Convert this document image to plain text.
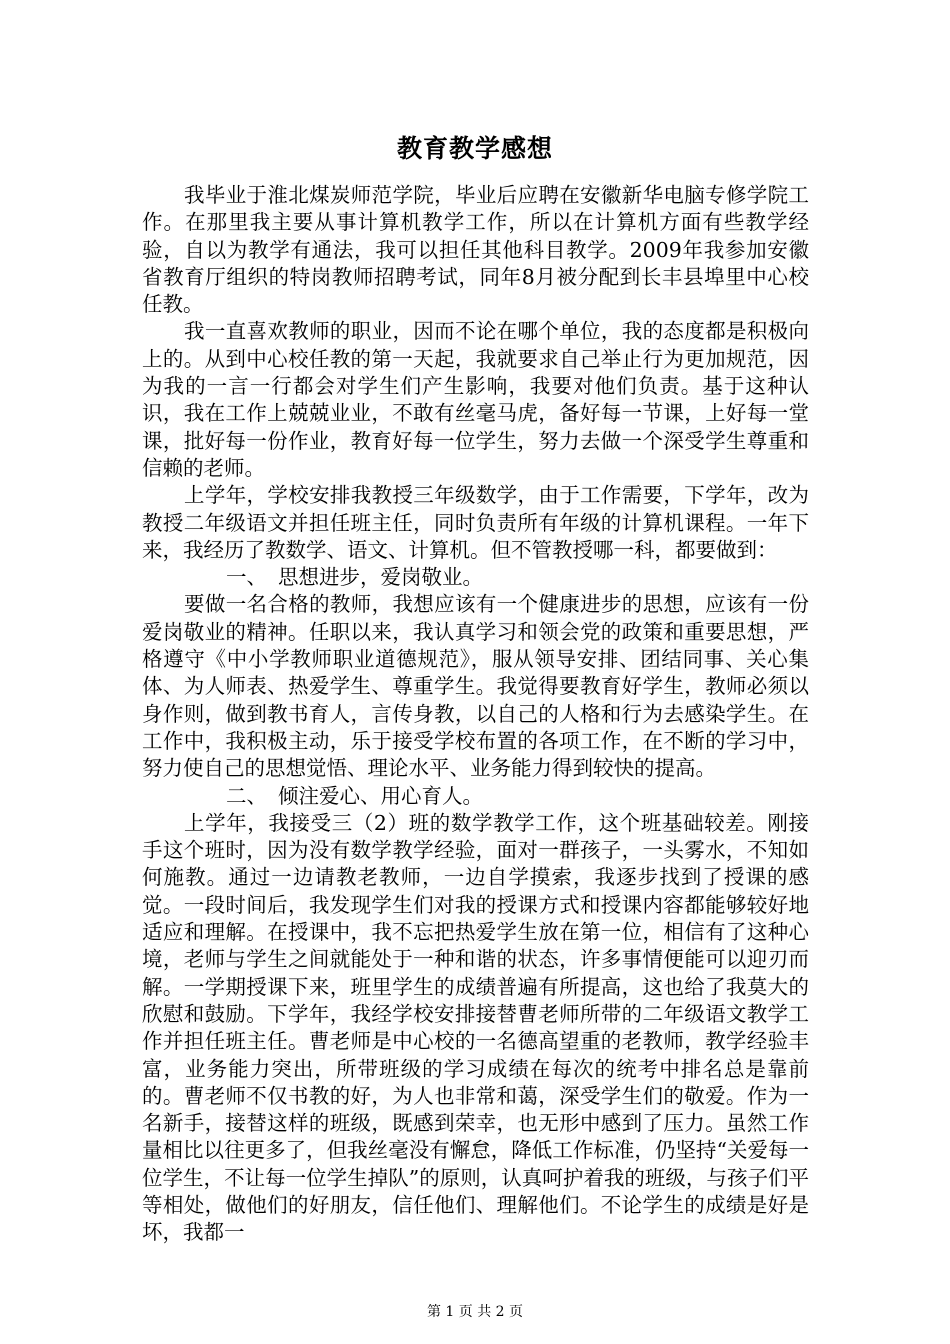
教育教学感想

我毕业于淮北煤炭师范学院，毕业后应聘在安徽新华电脑专修学院工作。在那里我主要从事计算机教学工作，所以在计算机方面有些教学经验，自以为教学有通法，我可以担任其他科目教学。2009年我参加安徽省教育厅组织的特岗教师招聘考试，同年8月被分配到长丰县埠里中心校任教。

我一直喜欢教师的职业，因而不论在哪个单位，我的态度都是积极向上的。从到中心校任教的第一天起，我就要求自己举止行为更加规范，因为我的一言一行都会对学生们产生影响，我要对他们负责。基于这种认识，我在工作上兢兢业业，不敢有丝毫马虎，备好每一节课，上好每一堂课，批好每一份作业，教育好每一位学生，努力去做一个深受学生尊重和信赖的老师。

上学年，学校安排我教授三年级数学，由于工作需要，下学年，改为教授二年级语文并担任班主任，同时负责所有年级的计算机课程。一年下来，我经历了教数学、语文、计算机。但不管教授哪一科，都要做到：

一、 思想进步，爱岗敬业。

要做一名合格的教师，我想应该有一个健康进步的思想，应该有一份爱岗敬业的精神。任职以来，我认真学习和领会党的政策和重要思想，严格遵守《中小学教师职业道德规范》，服从领导安排、团结同事、关心集体、为人师表、热爱学生、尊重学生。我觉得要教育好学生，教师必须以身作则，做到教书育人，言传身教，以自己的人格和行为去感染学生。在工作中，我积极主动，乐于接受学校布置的各项工作，在不断的学习中，努力使自己的思想觉悟、理论水平、业务能力得到较快的提高。

二、 倾注爱心、用心育人。

上学年，我接受三（2）班的数学教学工作，这个班基础较差。刚接手这个班时，因为没有数学教学经验，面对一群孩子，一头雾水，不知如何施教。通过一边请教老教师，一边自学摸索，我逐步找到了授课的感觉。一段时间后，我发现学生们对我的授课方式和授课内容都能够较好地适应和理解。在授课中，我不忘把热爱学生放在第一位，相信有了这种心境，老师与学生之间就能处于一种和谐的状态，许多事情便能可以迎刃而解。一学期授课下来，班里学生的成绩普遍有所提高，这也给了我莫大的欣慰和鼓励。下学年，我经学校安排接替曹老师所带的二年级语文教学工作并担任班主任。曹老师是中心校的一名德高望重的老教师，教学经验丰富，业务能力突出，所带班级的学习成绩在每次的统考中排名总是靠前的。曹老师不仅书教的好，为人也非常和蔼，深受学生们的敬爱。作为一名新手，接替这样的班级，既感到荣幸，也无形中感到了压力。虽然工作量相比以往更多了，但我丝毫没有懈怠，降低工作标准，仍坚持“关爱每一位学生，不让每一位学生掉队”的原则，认真呵护着我的班级，与孩子们平等相处，做他们的好朋友，信任他们、理解他们。不论学生的成绩是好是坏，我都一

第 1 页 共 2 页
